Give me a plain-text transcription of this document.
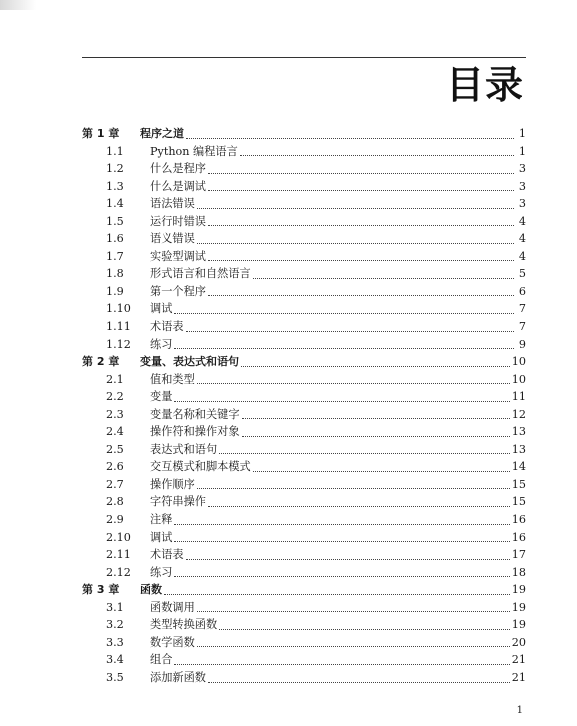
目录
第 1 章	程序之道	1
1.1	Python 编程语言	1
1.2	什么是程序	3
1.3	什么是调试	3
1.4	语法错误	3
1.5	运行时错误	4
1.6	语义错误	4
1.7	实验型调试	4
1.8	形式语言和自然语言	5
1.9	第一个程序	6
1.10	调试	7
1.11	术语表	7
1.12	练习	9
第 2 章	变量、表达式和语句	10
2.1	值和类型	10
2.2	变量	11
2.3	变量名称和关键字	12
2.4	操作符和操作对象	13
2.5	表达式和语句	13
2.6	交互模式和脚本模式	14
2.7	操作顺序	15
2.8	字符串操作	15
2.9	注释	16
2.10	调试	16
2.11	术语表	17
2.12	练习	18
第 3 章	函数	19
3.1	函数调用	19
3.2	类型转换函数	19
3.3	数学函数	20
3.4	组合	21
3.5	添加新函数	21
1
